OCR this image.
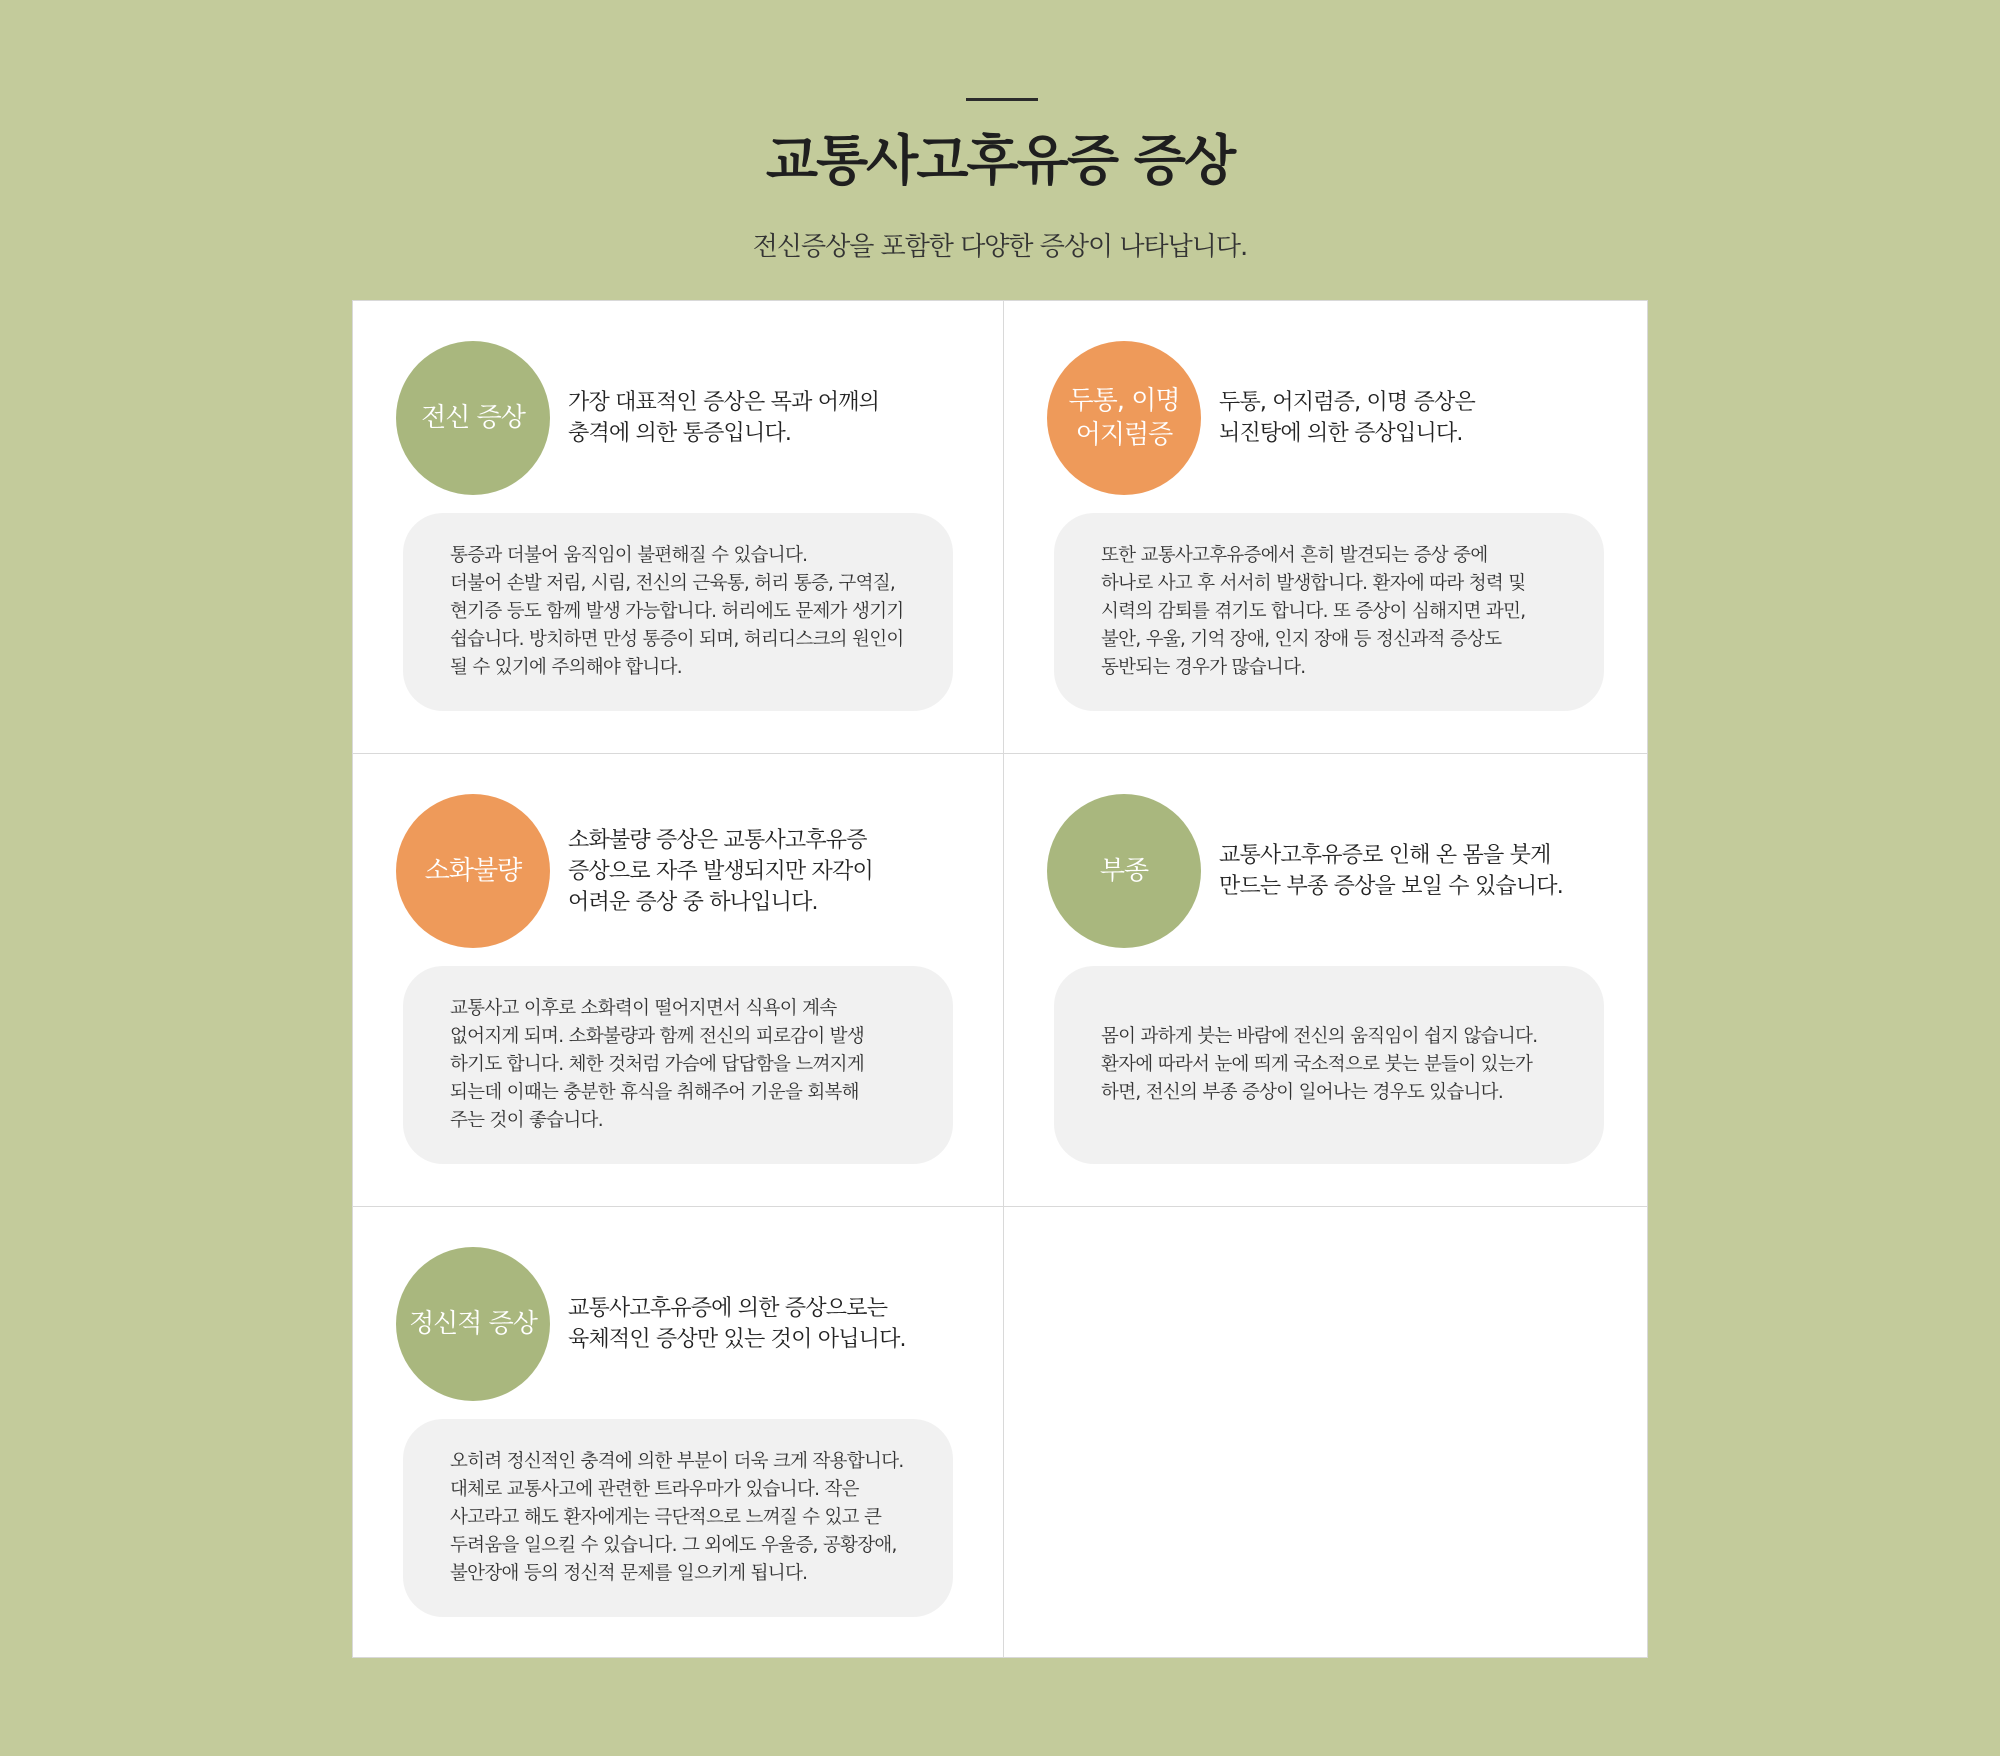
교통사고후유증 증상

전신증상을 포함한 다양한 증상이 나타납니다.

전신 증상
가장 대표적인 증상은 목과 어깨의
충격에 의한 통증입니다.
통증과 더불어 움직임이 불편해질 수 있습니다.
더불어 손발 저림, 시림, 전신의 근육통, 허리 통증, 구역질,
현기증 등도 함께 발생 가능합니다. 허리에도 문제가 생기기
쉽습니다. 방치하면 만성 통증이 되며, 허리디스크의 원인이
될 수 있기에 주의해야 합니다.
두통, 이명
어지럼증
두통, 어지럼증, 이명 증상은
뇌진탕에 의한 증상입니다.
또한 교통사고후유증에서 흔히 발견되는 증상 중에
하나로 사고 후 서서히 발생합니다. 환자에 따라 청력 및
시력의 감퇴를 겪기도 합니다. 또 증상이 심해지면 과민,
불안, 우울, 기억 장애, 인지 장애 등 정신과적 증상도
동반되는 경우가 많습니다.
소화불량
소화불량 증상은 교통사고후유증
증상으로 자주 발생되지만 자각이
어려운 증상 중 하나입니다.
교통사고 이후로 소화력이 떨어지면서 식욕이 계속
없어지게 되며. 소화불량과 함께 전신의 피로감이 발생
하기도 합니다. 체한 것처럼 가슴에 답답함을 느껴지게
되는데 이때는 충분한 휴식을 취해주어 기운을 회복해
주는 것이 좋습니다.
부종
교통사고후유증로 인해 온 몸을 붓게
만드는 부종 증상을 보일 수 있습니다.
몸이 과하게 붓는 바람에 전신의 움직임이 쉽지 않습니다.
환자에 따라서 눈에 띄게 국소적으로 붓는 분들이 있는가
하면, 전신의 부종 증상이 일어나는 경우도 있습니다.
정신적 증상
교통사고후유증에 의한 증상으로는
육체적인 증상만 있는 것이 아닙니다.
오히려 정신적인 충격에 의한 부분이 더욱 크게 작용합니다.
대체로 교통사고에 관련한 트라우마가 있습니다. 작은
사고라고 해도 환자에게는 극단적으로 느껴질 수 있고 큰
두려움을 일으킬 수 있습니다. 그 외에도 우울증, 공황장애,
불안장애 등의 정신적 문제를 일으키게 됩니다.
